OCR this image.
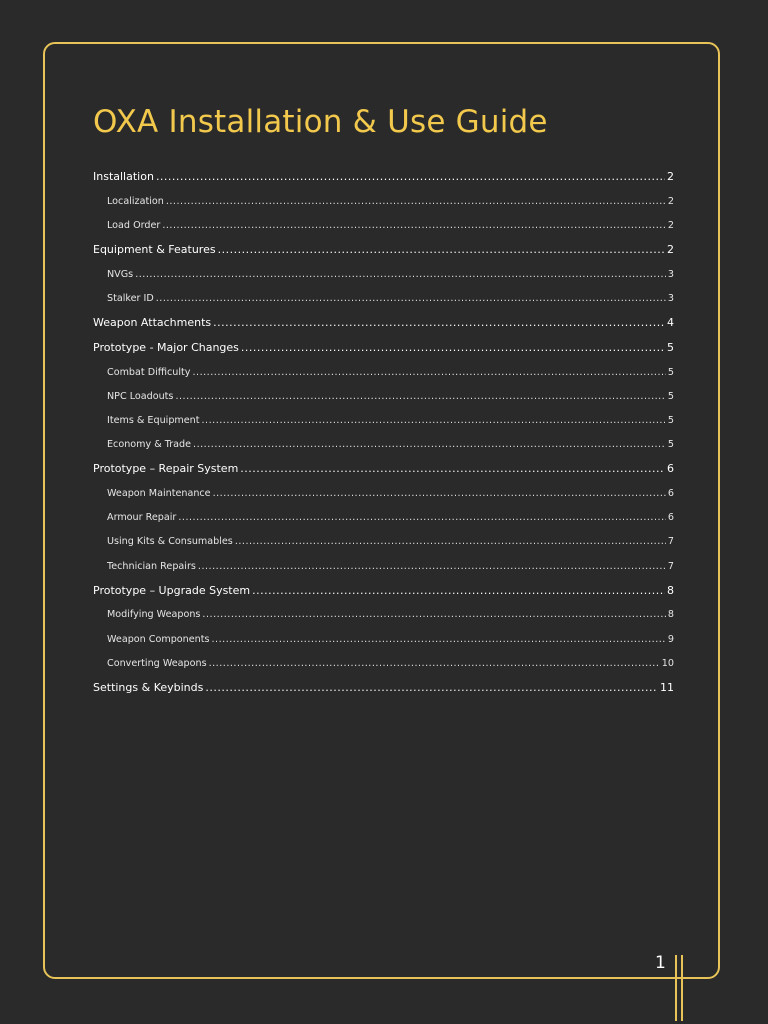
OXA Installation & Use Guide
Installation .....	2
Localization .....	2
Load Order .....	2
Equipment & Features .....	2
NVGs .....	3
Stalker ID .....	3
Weapon Attachments .....	4
Prototype - Major Changes .....	5
Combat Difficulty .....	5
NPC Loadouts .....	5
Items & Equipment .....	5
Economy & Trade .....	5
Prototype – Repair System .....	6
Weapon Maintenance .....	6
Armour Repair .....	6
Using Kits & Consumables .....	7
Technician Repairs .....	7
Prototype – Upgrade System .....	8
Modifying Weapons .....	8
Weapon Components .....	9
Converting Weapons .....	10
Settings & Keybinds .....	11
1
